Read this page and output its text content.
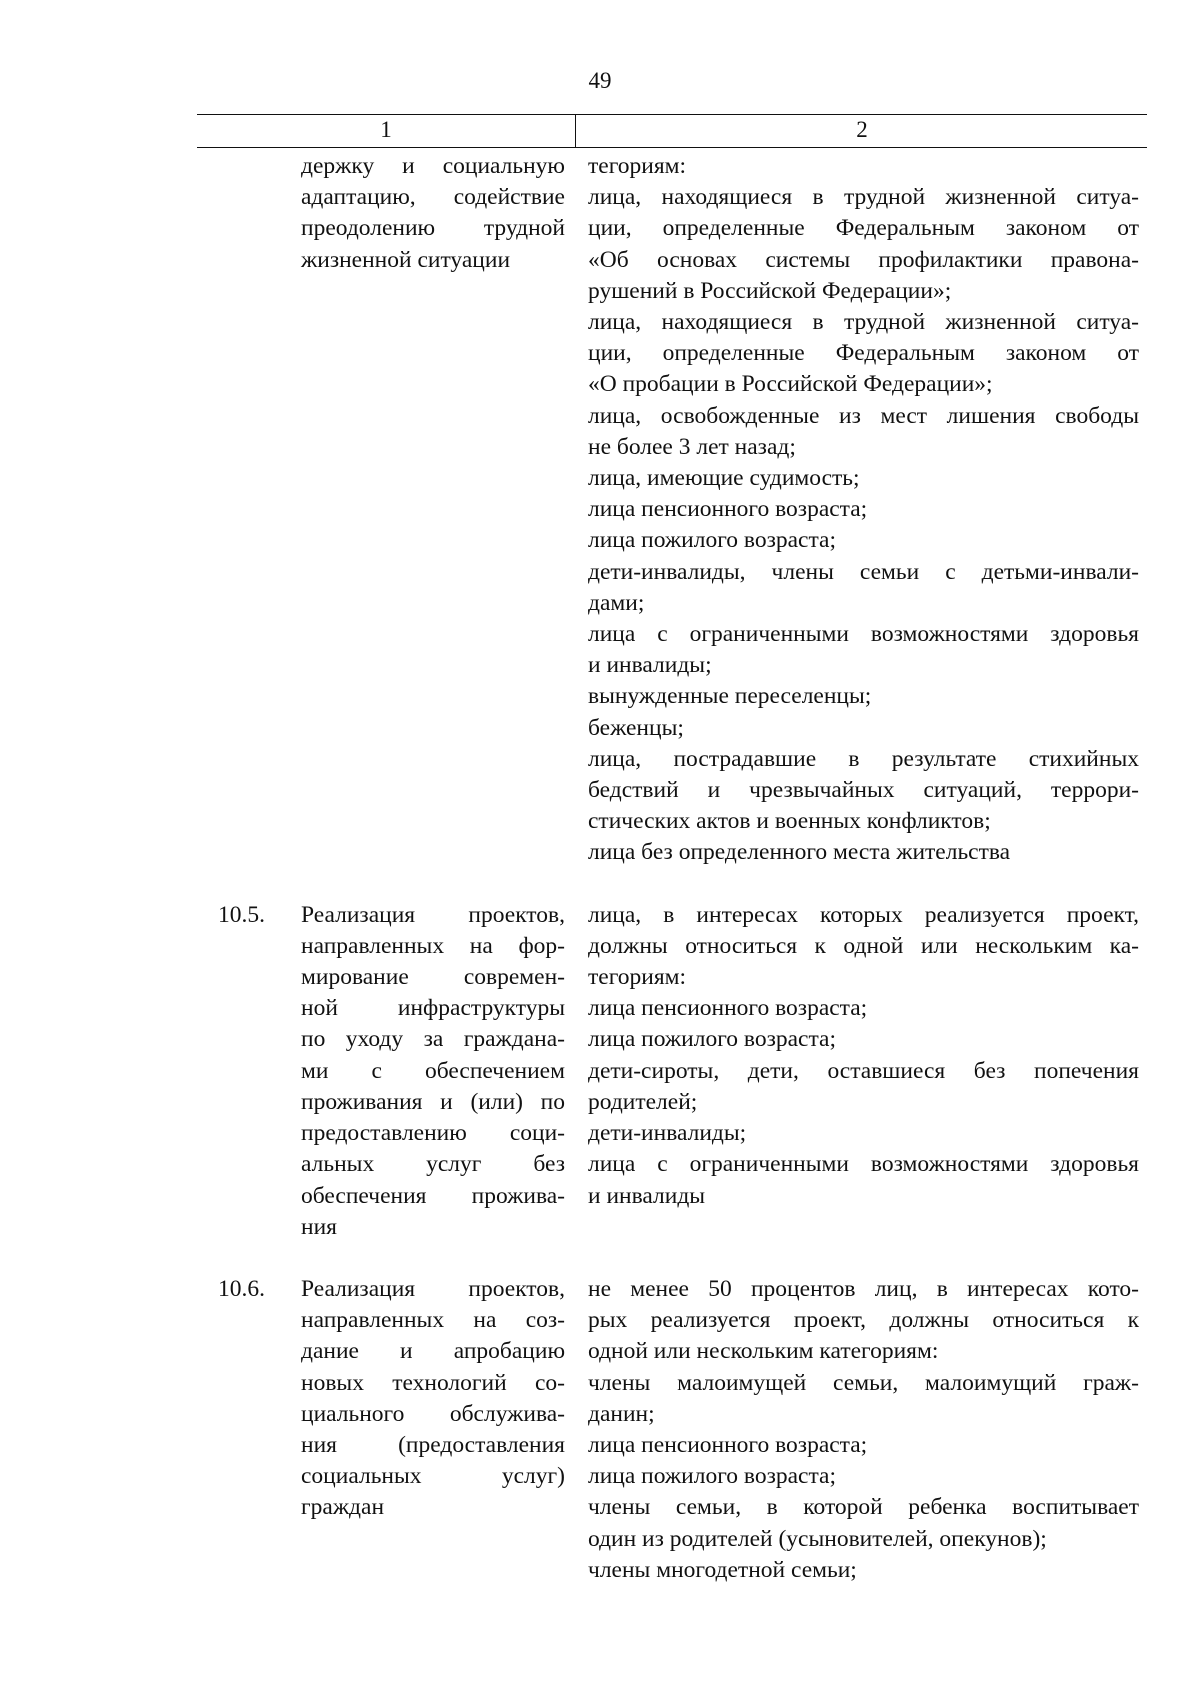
49
1	2
держку и социальную
адаптацию, содействие
преодолению трудной
жизненной ситуации
тегориям:
лица, находящиеся в трудной жизненной ситуа-
ции, определенные Федеральным законом от
«Об основах системы профилактики правона-
рушений в Российской Федерации»;
лица, находящиеся в трудной жизненной ситуа-
ции, определенные Федеральным законом от
«О пробации в Российской Федерации»;
лица, освобожденные из мест лишения свободы
не более 3 лет назад;
лица, имеющие судимость;
лица пенсионного возраста;
лица пожилого возраста;
дети-инвалиды, члены семьи с детьми-инвали-
дами;
лица с ограниченными возможностями здоровья
и инвалиды;
вынужденные переселенцы;
беженцы;
лица, пострадавшие в результате стихийных
бедствий и чрезвычайных ситуаций, террори-
стических актов и военных конфликтов;
лица без определенного места жительства
10.5. Реализация проектов,
направленных на фор-
мирование современ-
ной инфраструктуры
по уходу за граждана-
ми с обеспечением
проживания и (или) по
предоставлению соци-
альных услуг без
обеспечения прожива-
ния
лица, в интересах которых реализуется проект,
должны относиться к одной или нескольким ка-
тегориям:
лица пенсионного возраста;
лица пожилого возраста;
дети-сироты, дети, оставшиеся без попечения
родителей;
дети-инвалиды;
лица с ограниченными возможностями здоровья
и инвалиды
10.6. Реализация проектов,
направленных на соз-
дание и апробацию
новых технологий со-
циального обслужива-
ния (предоставления
социальных услуг)
граждан
не менее 50 процентов лиц, в интересах кото-
рых реализуется проект, должны относиться к
одной или нескольким категориям:
члены малоимущей семьи, малоимущий граж-
данин;
лица пенсионного возраста;
лица пожилого возраста;
члены семьи, в которой ребенка воспитывает
один из родителей (усыновителей, опекунов);
члены многодетной семьи;
